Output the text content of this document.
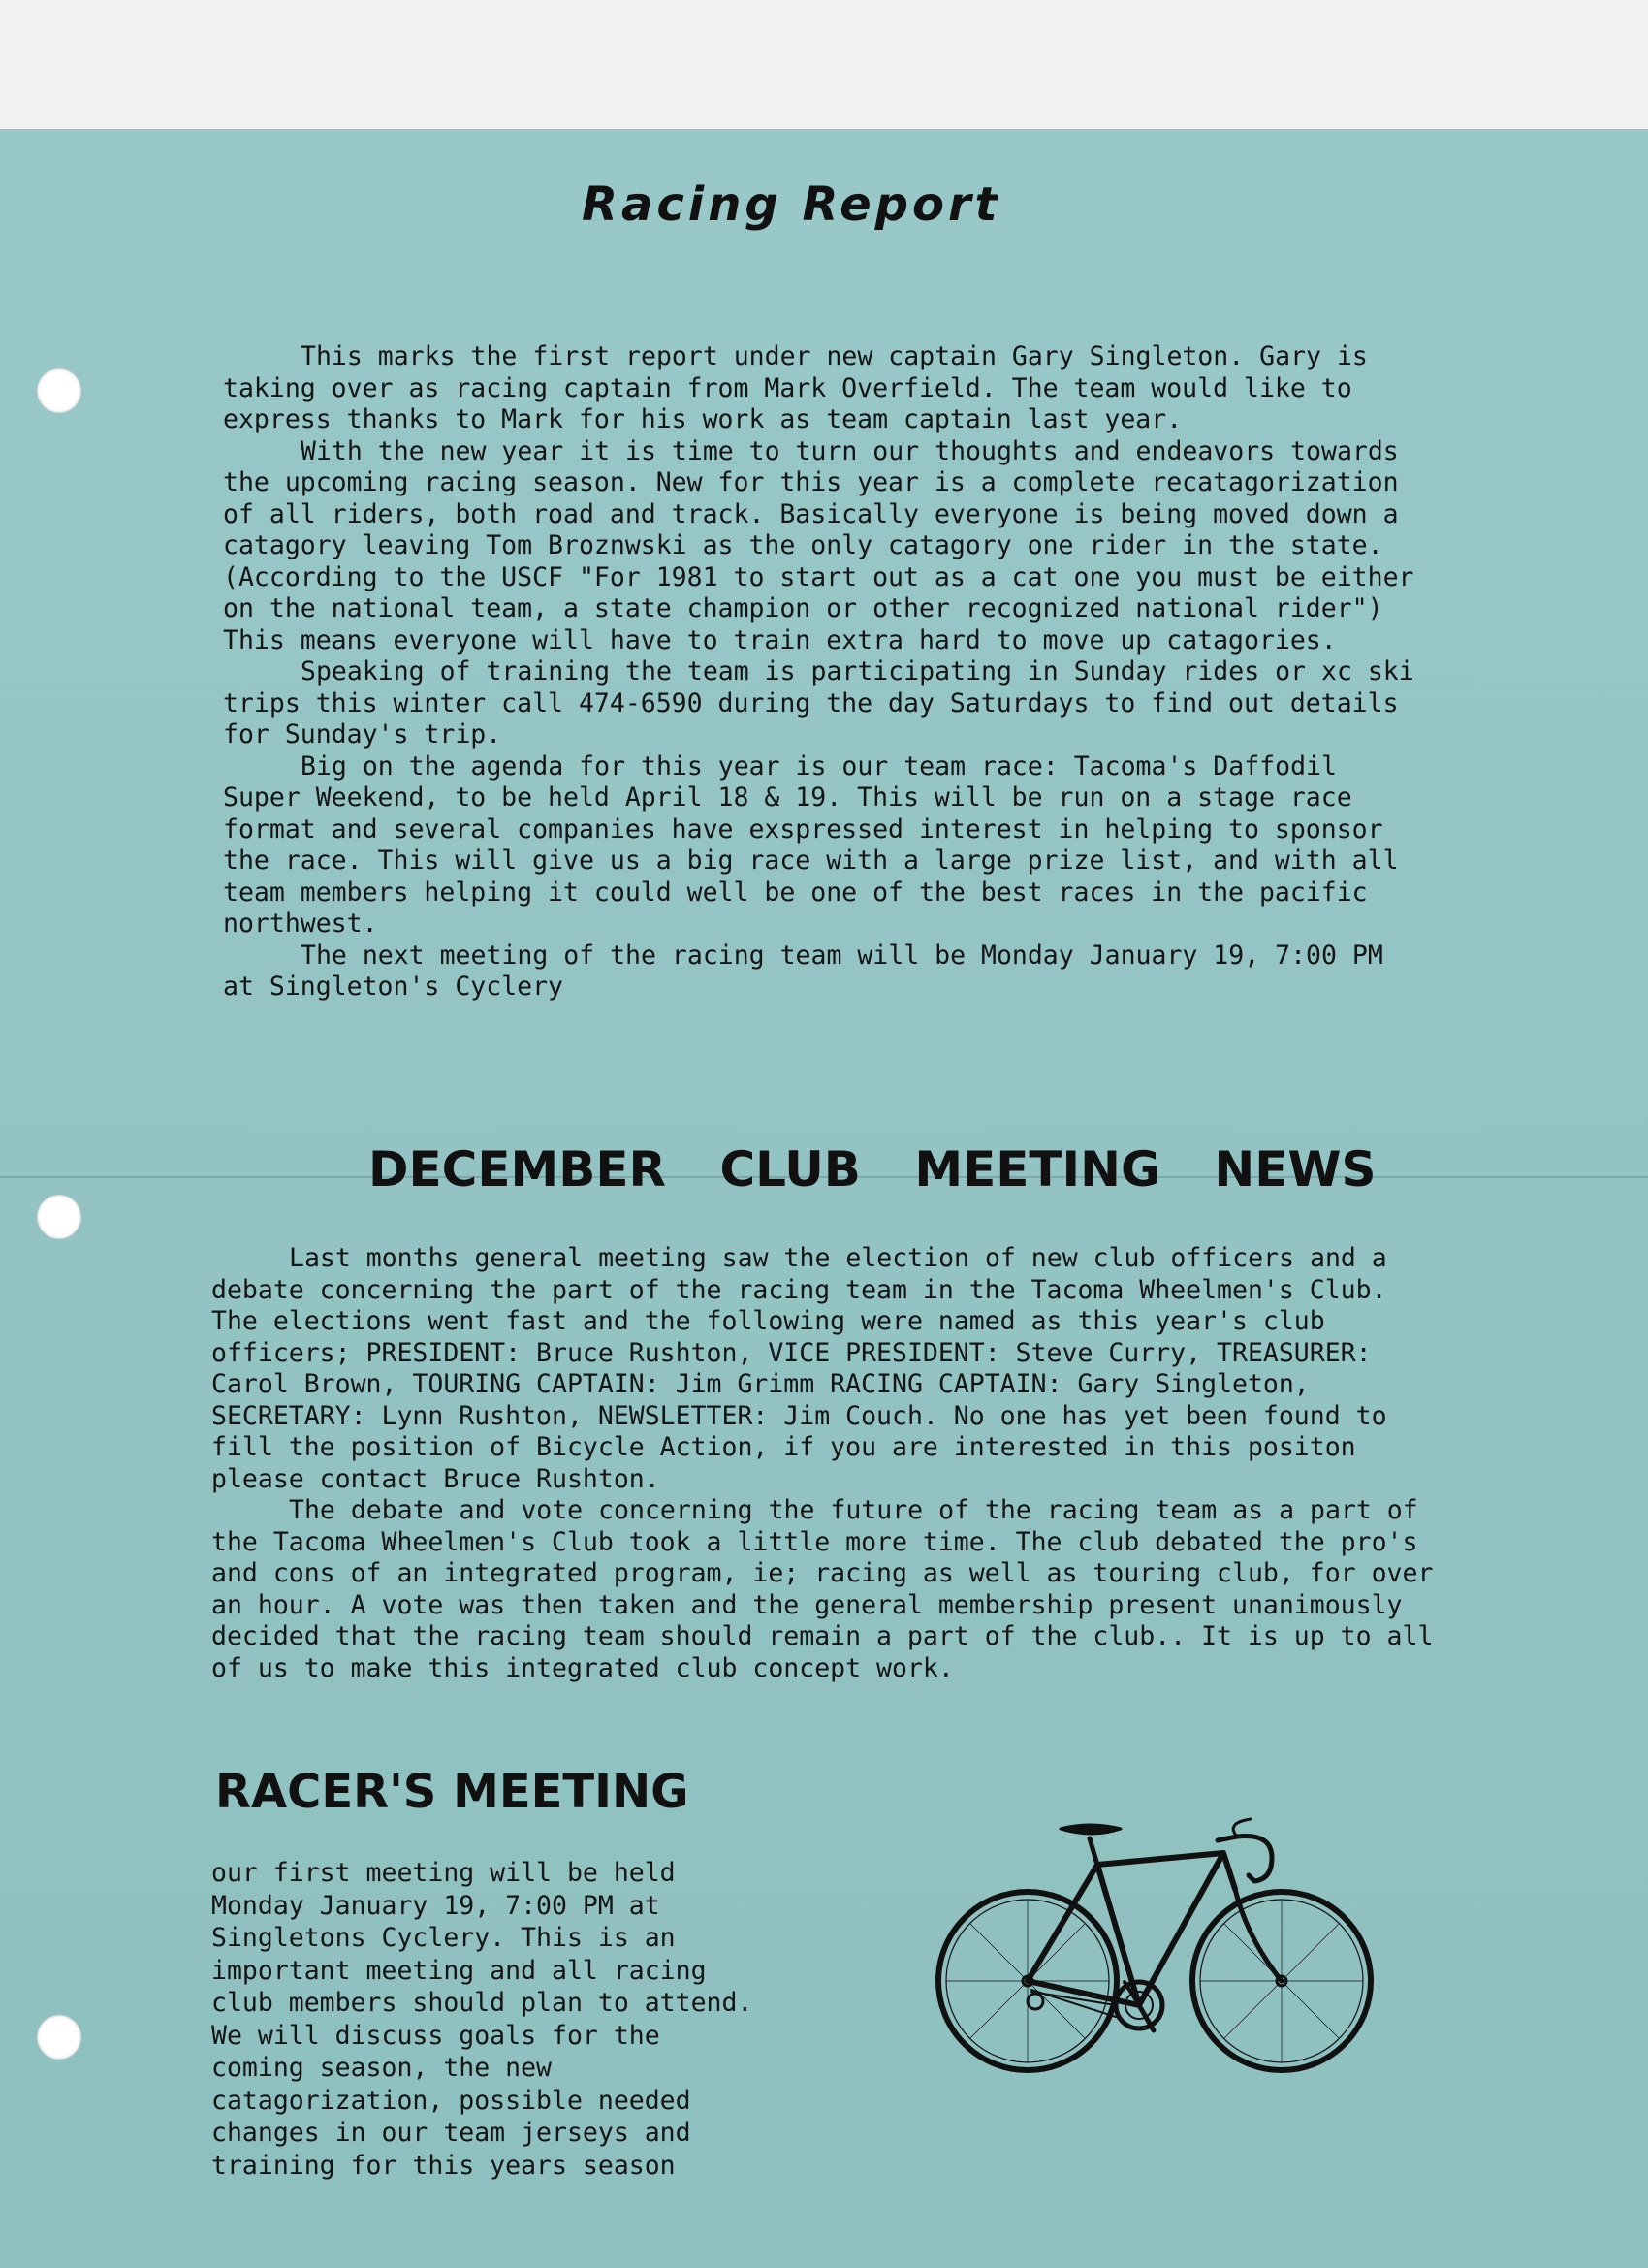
Racing Report

This marks the first report under new captain Gary Singleton. Gary is taking over as racing captain from Mark Overfield. The team would like to express thanks to Mark for his work as team captain last year.

With the new year it is time to turn our thoughts and endeavors towards the upcoming racing season. New for this year is a complete recatagorization of all riders, both road and track. Basically everyone is being moved down a catagory leaving Tom Broznwski as the only catagory one rider in the state. (According to the USCF "For 1981 to start out as a cat one you must be either on the national team, a state champion or other recognized national rider") This means everyone will have to train extra hard to move up catagories.

Speaking of training the team is participating in Sunday rides or xc ski trips this winter call 474-6590 during the day Saturdays to find out details for Sunday's trip.

Big on the agenda for this year is our team race: Tacoma's Daffodil Super Weekend, to be held April 18 & 19. This will be run on a stage race format and several companies have exspressed interest in helping to sponsor the race. This will give us a big race with a large prize list, and with all team members helping it could well be one of the best races in the pacific northwest.

The next meeting of the racing team will be Monday January 19, 7:00 PM at Singleton's Cyclery

DECEMBER CLUB MEETING NEWS

Last months general meeting saw the election of new club officers and a debate concerning the part of the racing team in the Tacoma Wheelmen's Club. The elections went fast and the following were named as this year's club officers; PRESIDENT: Bruce Rushton, VICE PRESIDENT: Steve Curry, TREASURER: Carol Brown, TOURING CAPTAIN: Jim Grimm RACING CAPTAIN: Gary Singleton, SECRETARY: Lynn Rushton, NEWSLETTER: Jim Couch. No one has yet been found to fill the position of Bicycle Action, if you are interested in this positon please contact Bruce Rushton.

The debate and vote concerning the future of the racing team as a part of the Tacoma Wheelmen's Club took a little more time. The club debated the pro's and cons of an integrated program, ie; racing as well as touring club, for over an hour. A vote was then taken and the general membership present unanimously decided that the racing team should remain a part of the club.. It is up to all of us to make this integrated club concept work.

RACER'S MEETING

our first meeting will be held Monday January 19, 7:00 PM at Singletons Cyclery. This is an important meeting and all racing club members should plan to attend. We will discuss goals for the coming season, the new catagorization, possible needed changes in our team jerseys and training for this years season
